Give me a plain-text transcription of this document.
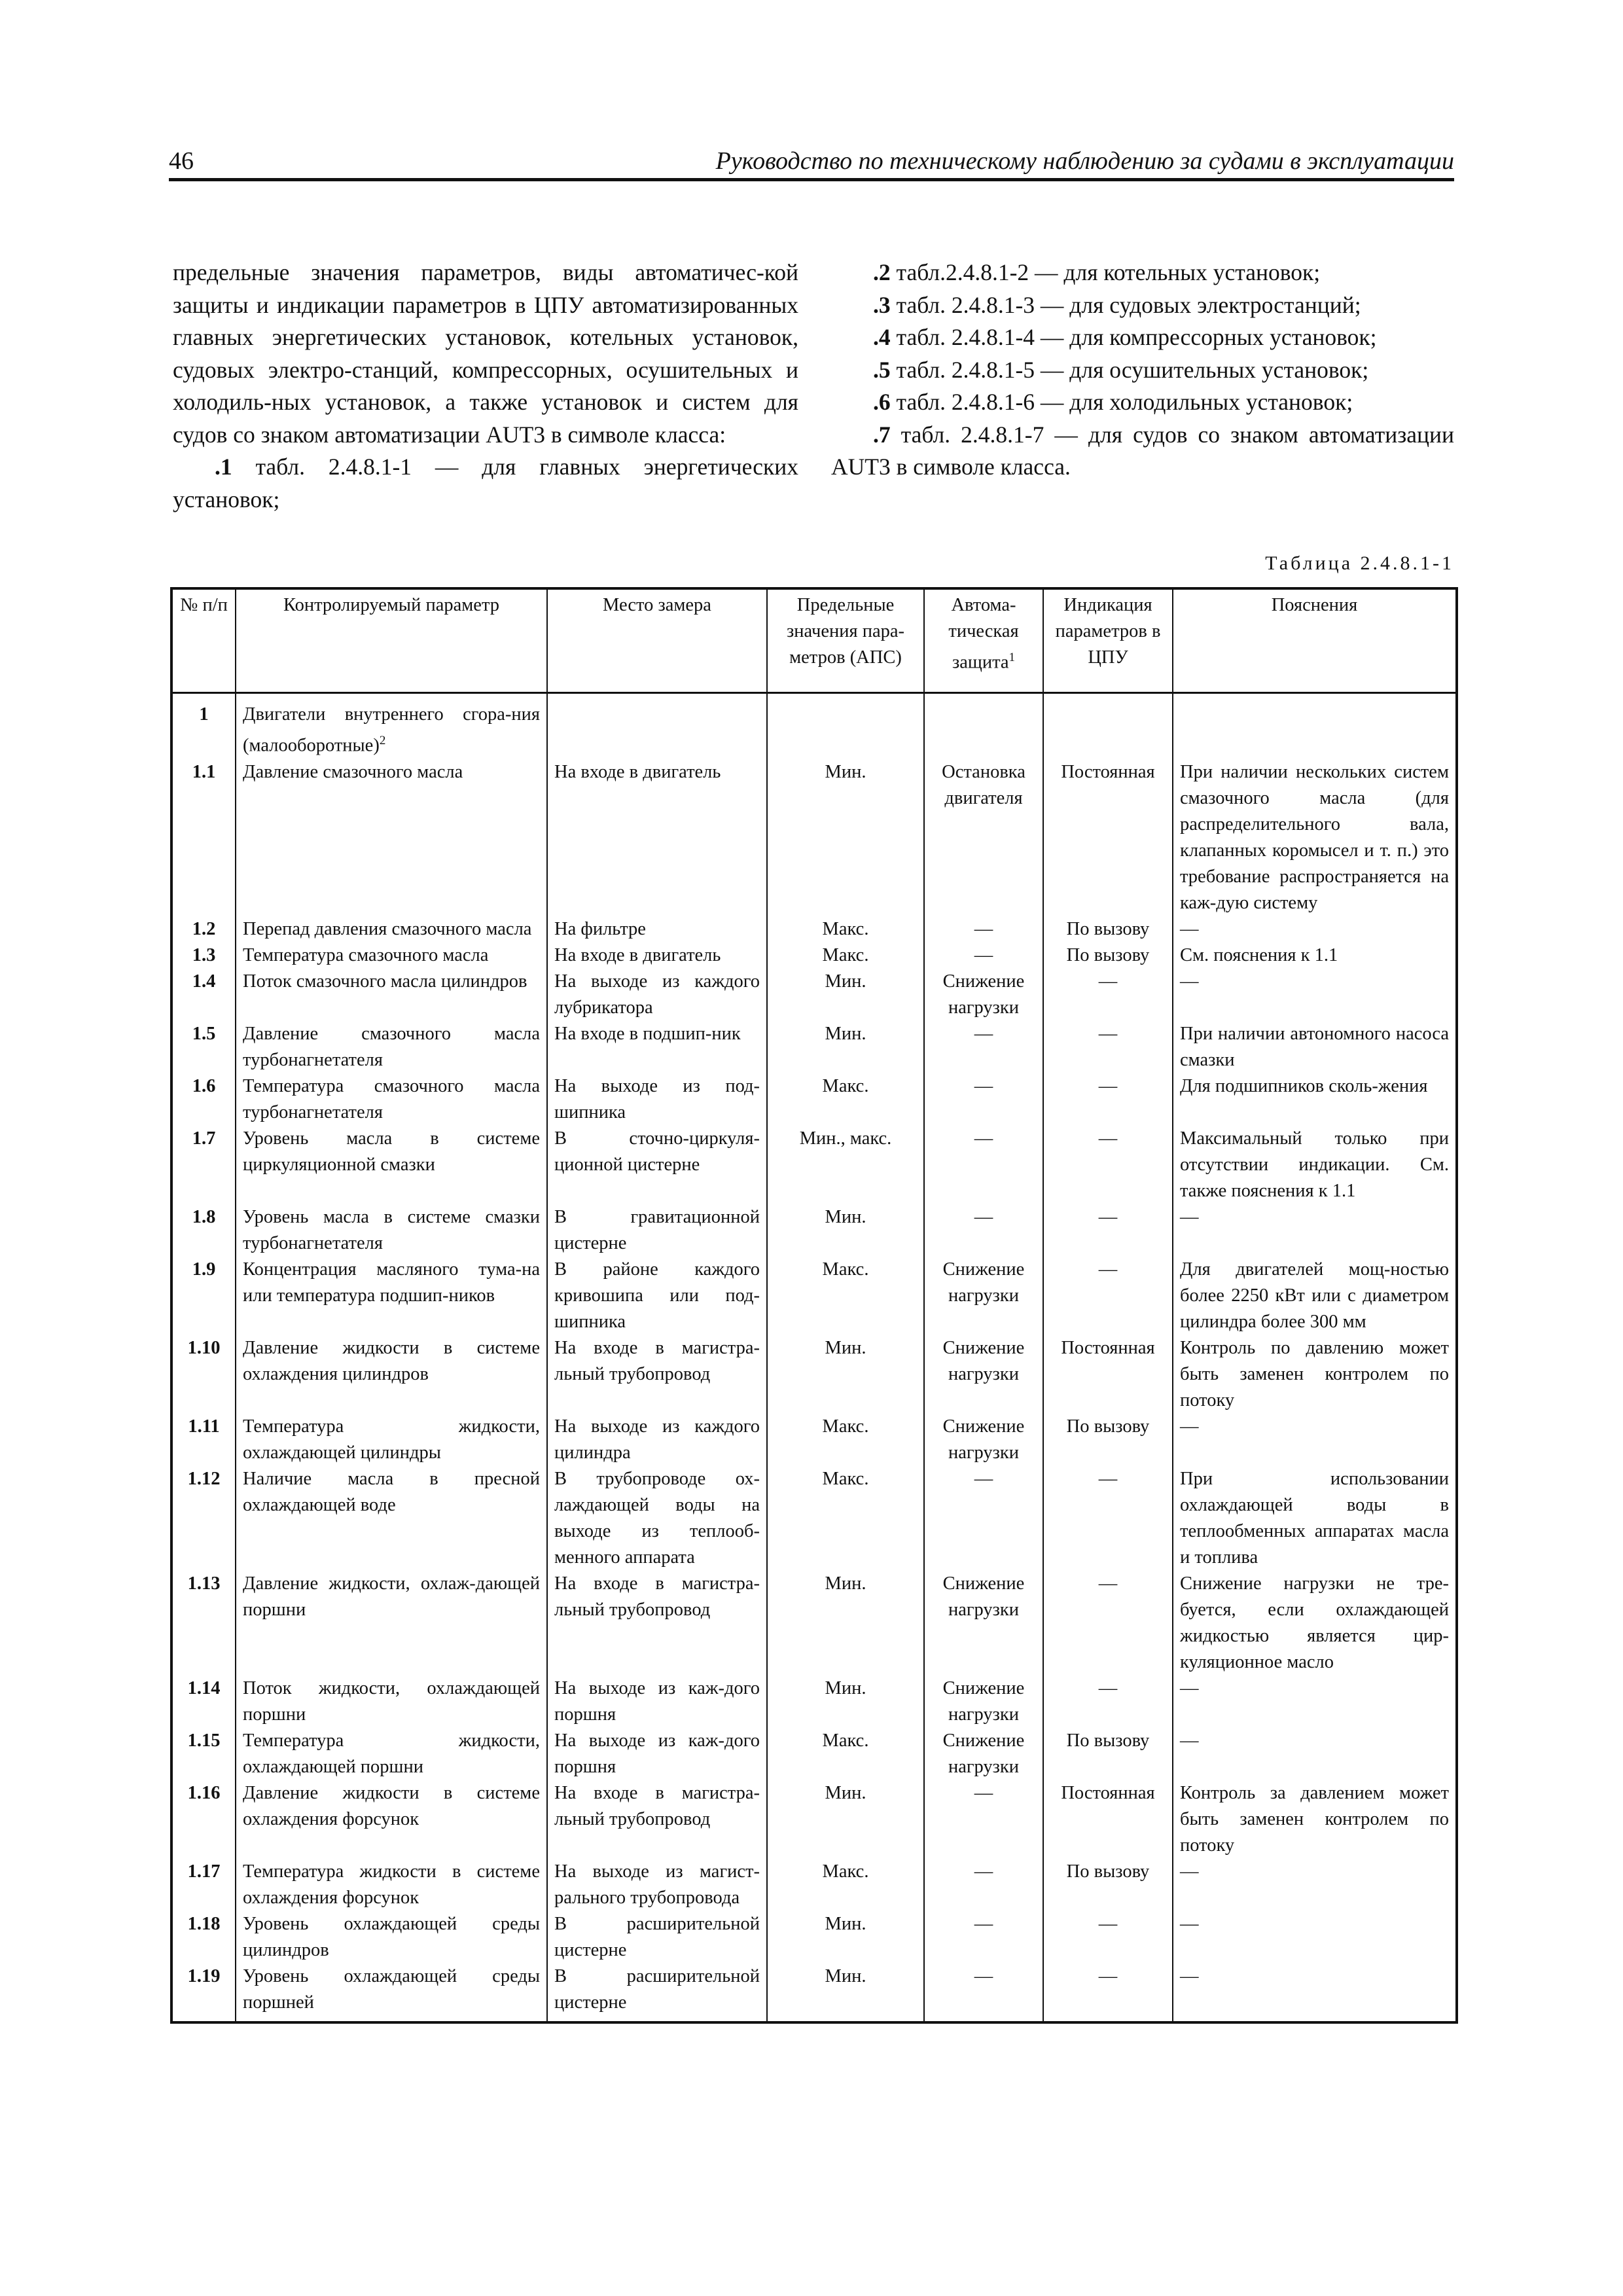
46	Руководство по техническому наблюдению за судами в эксплуатации

предельные значения параметров, виды автоматичес-кой защиты и индикации параметров в ЦПУ автоматизированных главных энергетических установок, котельных установок, судовых электро-станций, компрессорных, осушительных и холодиль-ных установок, а также установок и систем для судов со знаком автоматизации AUT3 в символе класса:

.1 табл. 2.4.8.1-1 — для главных энергетических установок;

.2 табл.2.4.8.1-2 — для котельных установок;

.3 табл. 2.4.8.1-3 — для судовых электростанций;

.4 табл. 2.4.8.1-4 — для компрессорных установок;

.5 табл. 2.4.8.1-5 — для осушительных установок;

.6 табл. 2.4.8.1-6 — для холодильных установок;

.7 табл. 2.4.8.1-7 — для судов со знаком автоматизации AUT3 в символе класса.

Таблица 2.4.8.1-1
№ п/п	Контролируемый параметр	Место замера	Предельные значения пара-метров (АПС)	Автома-тическая защита$^1$	Индикация параметров в ЦПУ	Пояснения

1	Двигатели внутреннего сгора-ния (малооборотные)$^2$					
1.1	Давление смазочного масла	На входе в двигатель	Мин.	Остановка двигателя	Постоянная	При наличии нескольких систем смазочного масла (для распределительного вала, клапанных коромысел и т. п.) это требование распространяется на каж-дую систему
1.2	Перепад давления смазочного масла	На фильтре	Макс.	—	По вызову	—
1.3	Температура смазочного масла	На входе в двигатель	Макс.	—	По вызову	См. пояснения к 1.1
1.4	Поток смазочного масла цилиндров	На выходе из каждого лубрикатора	Мин.	Снижение нагрузки	—	—
1.5	Давление смазочного масла турбонагнетателя	На входе в подшип-ник	Мин.	—	—	При наличии автономного насоса смазки
1.6	Температура смазочного масла турбонагнетателя	На выходе из под-шипника	Макс.	—	—	Для подшипников сколь-жения
1.7	Уровень масла в системе циркуляционной смазки	В сточно-циркуля-ционной цистерне	Мин., макс.	—	—	Максимальный только при отсутствии индикации. См. также пояснения к 1.1
1.8	Уровень масла в системе смазки турбонагнетателя	В гравитационной цистерне	Мин.	—	—	—
1.9	Концентрация масляного тума-на или температура подшип-ников	В районе каждого кривошипа или под-шипника	Макс.	Снижение нагрузки	—	Для двигателей мощ-ностью более 2250 кВт или с диаметром цилиндра более 300 мм
1.10	Давление жидкости в системе охлаждения цилиндров	На входе в магистра-льный трубопровод	Мин.	Снижение нагрузки	Постоянная	Контроль по давлению может быть заменен контролем по потоку
1.11	Температура жидкости, охлаждающей цилиндры	На выходе из каждого цилиндра	Макс.	Снижение нагрузки	По вызову	—
1.12	Наличие масла в пресной охлаждающей воде	В трубопроводе ох-лаждающей воды на выходе из теплооб-менного аппарата	Макс.	—	—	При использовании охлаждающей воды в теплообменных аппаратах масла и топлива
1.13	Давление жидкости, охлаж-дающей поршни	На входе в магистра-льный трубопровод	Мин.	Снижение нагрузки	—	Снижение нагрузки не тре-буется, если охлаждающей жидкостью является цир-куляционное масло
1.14	Поток жидкости, охлаждающей поршни	На выходе из каж-дого поршня	Мин.	Снижение нагрузки	—	—
1.15	Температура жидкости, охлаждающей поршни	На выходе из каж-дого поршня	Макс.	Снижение нагрузки	По вызову	—
1.16	Давление жидкости в системе охлаждения форсунок	На входе в магистра-льный трубопровод	Мин.	—	Постоянная	Контроль за давлением может быть заменен контролем по потоку
1.17	Температура жидкости в системе охлаждения форсунок	На выходе из магист-рального трубопровода	Макс.	—	По вызову	—
1.18	Уровень охлаждающей среды цилиндров	В расширительной цистерне	Мин.	—	—	—
1.19	Уровень охлаждающей среды поршней	В расширительной цистерне	Мин.	—	—	—
